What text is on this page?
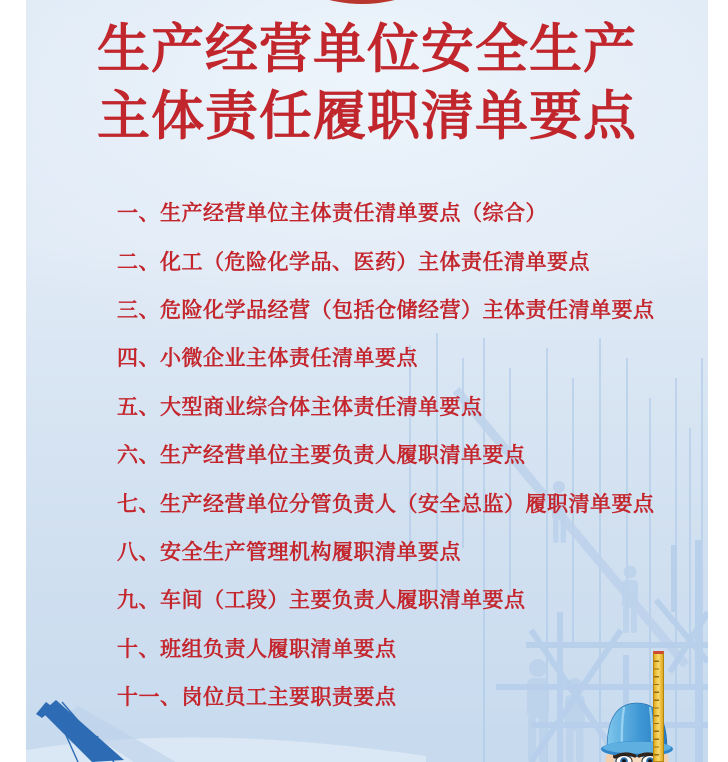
生产经营单位安全生产
主体责任履职清单要点
一、生产经营单位主体责任清单要点（综合）
二、化工（危险化学品、医药）主体责任清单要点
三、危险化学品经营（包括仓储经营）主体责任清单要点
四、小微企业主体责任清单要点
五、大型商业综合体主体责任清单要点
六、生产经营单位主要负责人履职清单要点
七、生产经营单位分管负责人（安全总监）履职清单要点
八、安全生产管理机构履职清单要点
九、车间（工段）主要负责人履职清单要点
十、班组负责人履职清单要点
十一、岗位员工主要职责要点
